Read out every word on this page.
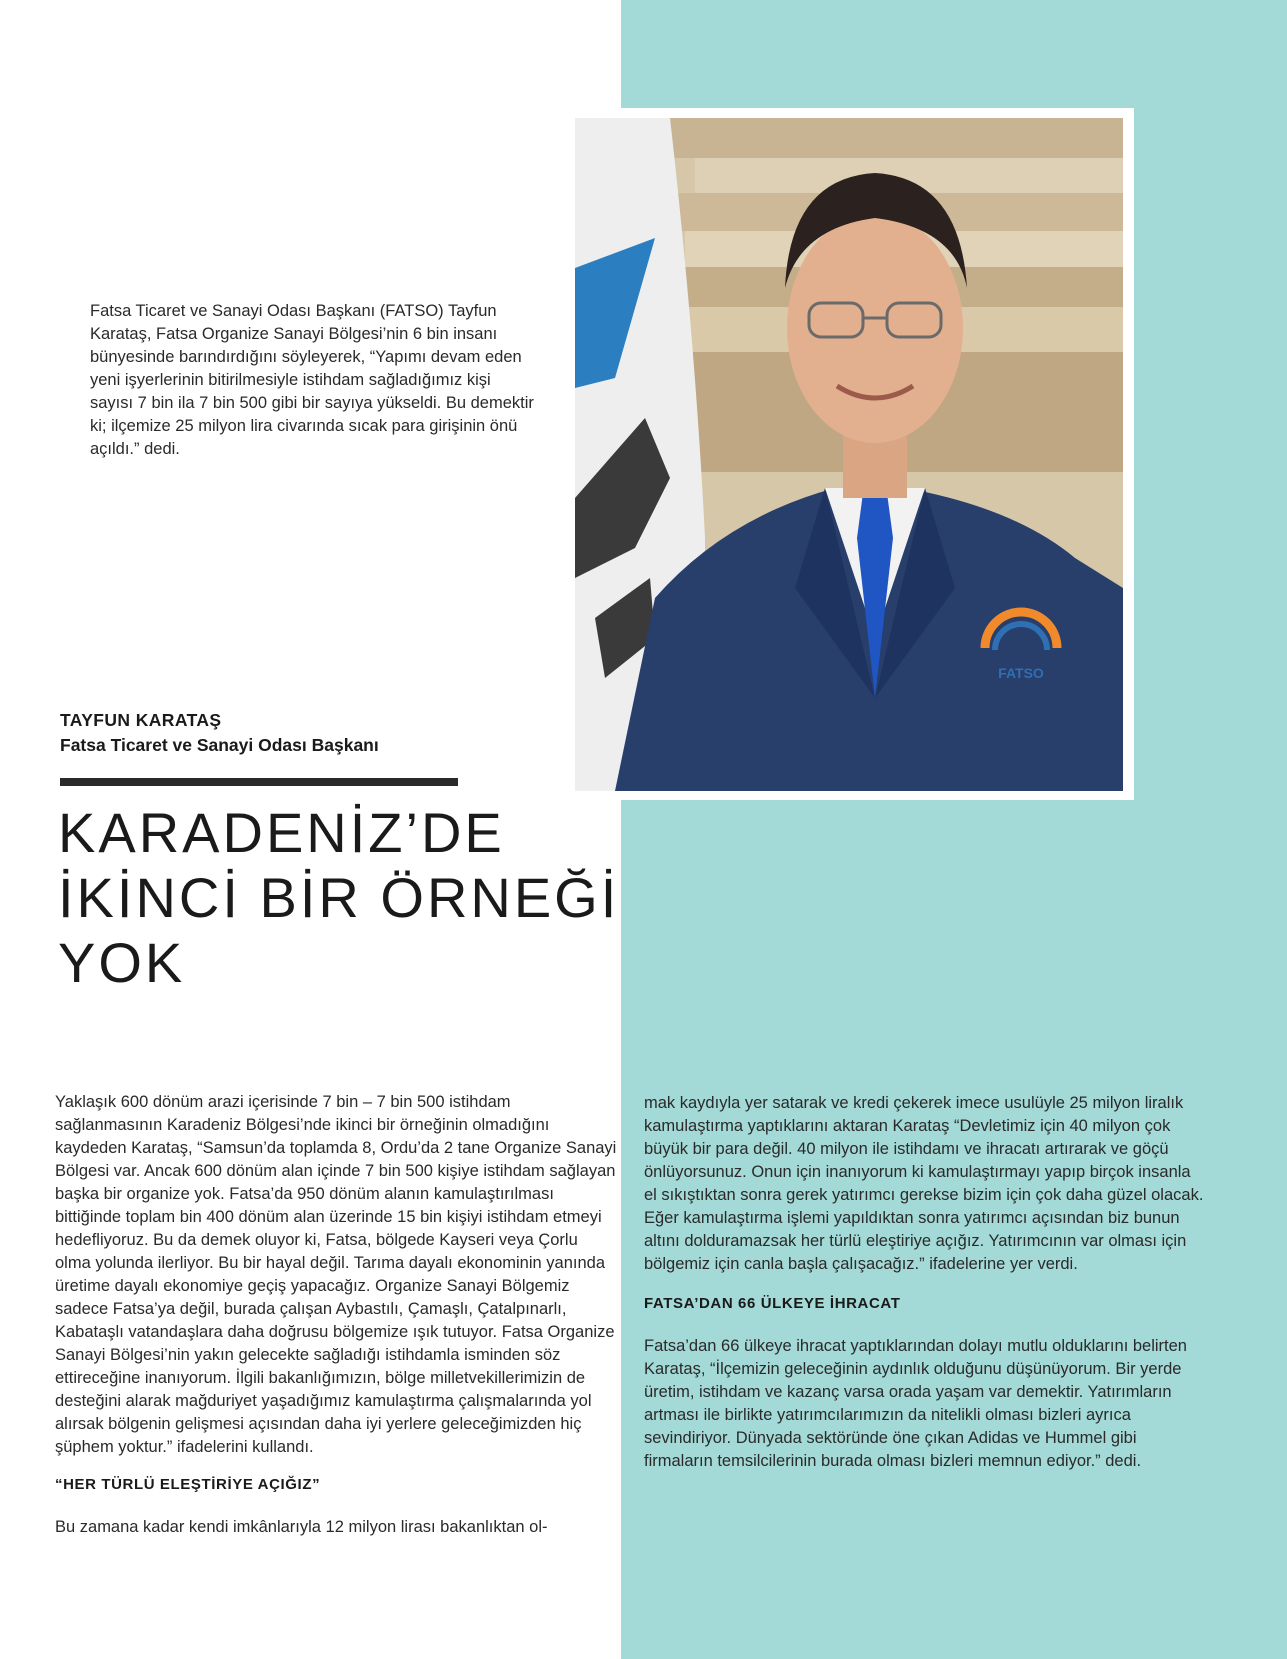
Fatsa Ticaret ve Sanayi Odası Başkanı (FATSO) Tayfun Karataş, Fatsa Organize Sanayi Bölgesi’nin 6 bin insanı bünyesinde barındırdığını söyleyerek, “Yapımı devam eden yeni işyerlerinin bitirilmesiyle istihdam sağladığımız kişi sayısı 7 bin ila 7 bin 500 gibi bir sayıya yükseldi. Bu demektir ki; ilçemize 25 milyon lira civarında sıcak para girişinin önü açıldı.” dedi.

FATSO

TAYFUN KARATAŞ

Fatsa Ticaret ve Sanayi Odası Başkanı

KARADENİZ’DE
İKİNCİ BİR ÖRNEĞİ
YOK

Yaklaşık 600 dönüm arazi içerisinde 7 bin – 7 bin 500 istihdam sağlanmasının Karadeniz Bölgesi’nde ikinci bir örneğinin olmadığını kaydeden Karataş, “Samsun’da toplamda 8, Ordu’da 2 tane Organize Sanayi Bölgesi var. Ancak 600 dönüm alan içinde 7 bin 500 kişiye istihdam sağlayan başka bir organize yok. Fatsa’da 950 dönüm alanın kamulaştırılması bittiğinde toplam bin 400 dönüm alan üzerinde 15 bin kişiyi istihdam etmeyi hedefliyoruz. Bu da demek oluyor ki, Fatsa, bölgede Kayseri veya Çorlu olma yolunda ilerliyor. Bu bir hayal değil. Tarıma dayalı ekonominin yanında üretime dayalı ekonomiye geçiş yapacağız. Organize Sanayi Bölgemiz sadece Fatsa’ya değil, burada çalışan Aybastılı, Çamaşlı, Çatalpınarlı, Kabataşlı vatandaşlara daha doğrusu bölgemize ışık tutuyor. Fatsa Organize Sanayi Bölgesi’nin yakın gelecekte sağladığı istihdamla isminden söz ettireceğine inanıyorum. İlgili bakanlığımızın, bölge milletvekillerimizin de desteğini alarak mağduriyet yaşadığımız kamulaştırma çalışmalarında yol alırsak bölgenin gelişmesi açısından daha iyi yerlere geleceğimizden hiç şüphem yoktur.” ifadelerini kullandı.

“HER TÜRLÜ ELEŞTİRİYE AÇIĞIZ”

Bu zamana kadar kendi imkânlarıyla 12 milyon lirası bakanlıktan ol-

mak kaydıyla yer satarak ve kredi çekerek imece usulüyle 25 milyon liralık kamulaştırma yaptıklarını aktaran Karataş “Devletimiz için 40 milyon çok büyük bir para değil. 40 milyon ile istihdamı ve ihracatı artırarak ve göçü önlüyorsunuz. Onun için inanıyorum ki kamulaştırmayı yapıp birçok insanla el sıkıştıktan sonra gerek yatırımcı gerekse bizim için çok daha güzel olacak. Eğer kamulaştırma işlemi yapıldıktan sonra yatırımcı açısından biz bunun altını dolduramazsak her türlü eleştiriye açığız. Yatırımcının var olması için bölgemiz için canla başla çalışacağız.” ifadelerine yer verdi.

FATSA’DAN 66 ÜLKEYE İHRACAT

Fatsa’dan 66 ülkeye ihracat yaptıklarından dolayı mutlu olduklarını belirten Karataş, “İlçemizin geleceğinin aydınlık olduğunu düşünüyorum. Bir yerde üretim, istihdam ve kazanç varsa orada yaşam var demektir. Yatırımların artması ile birlikte yatırımcılarımızın da nitelikli olması bizleri ayrıca sevindiriyor. Dünyada sektöründe öne çıkan Adidas ve Hummel gibi firmaların temsilcilerinin burada olması bizleri memnun ediyor.” dedi.
